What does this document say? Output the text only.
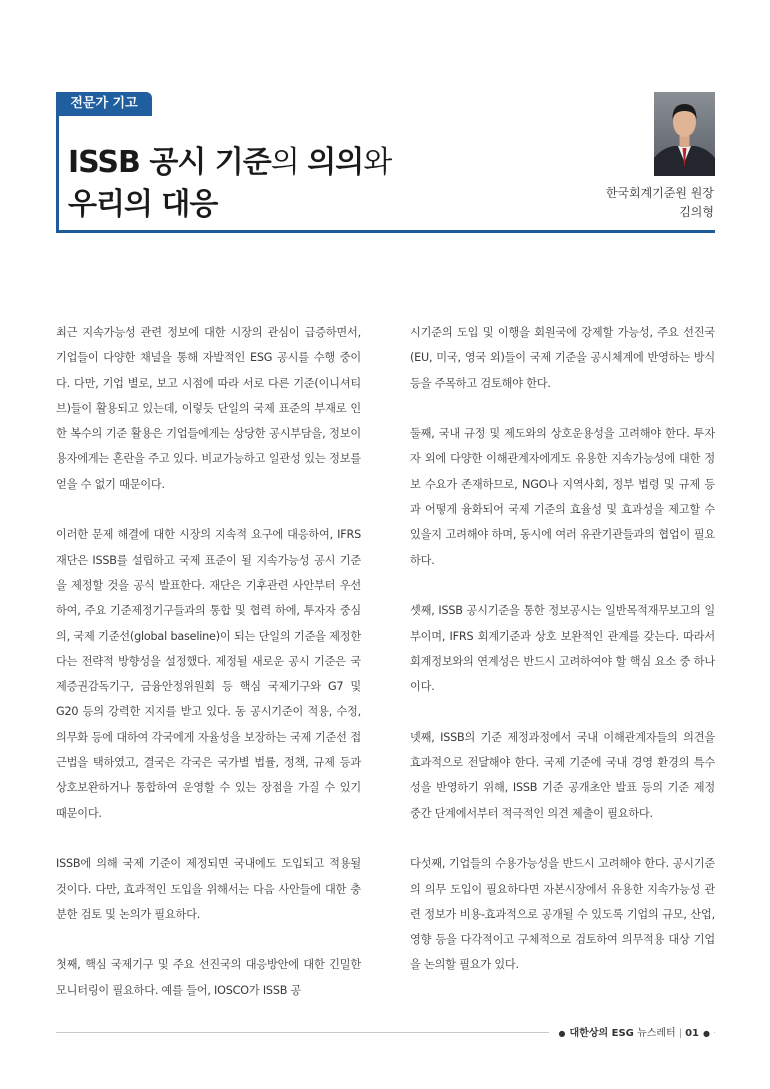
전문가 기고
ISSB 공시 기준의 의의와
우리의 대응	한국회계기준원 원장
김의형

최근 지속가능성 관련 정보에 대한 시장의 관심이 급증하면서, 기업들이 다양한 채널을 통해 자발적인 ESG 공시를 수행 중이다. 다만, 기업 별로, 보고 시점에 따라 서로 다른 기준(이니셔티브)들이 활용되고 있는데, 이렇듯 단일의 국제 표준의 부재로 인한 복수의 기준 활용은 기업들에게는 상당한 공시부담을, 정보이용자에게는 혼란을 주고 있다. 비교가능하고 일관성 있는 정보를 얻을 수 없기 때문이다.

이러한 문제 해결에 대한 시장의 지속적 요구에 대응하여, IFRS재단은 ISSB를 설립하고 국제 표준이 될 지속가능성 공시 기준을 제정할 것을 공식 발표한다. 재단은 기후관련 사안부터 우선하여, 주요 기준제정기구들과의 통합 및 협력 하에, 투자자 중심의, 국제 기준선(global baseline)이 되는 단일의 기준을 제정한다는 전략적 방향성을 설정했다. 제정될 새로운 공시 기준은 국제증권감독기구, 금융안정위원회 등 핵심 국제기구와 G7 및 G20 등의 강력한 지지를 받고 있다. 동 공시기준이 적용, 수정, 의무화 등에 대하여 각국에게 자율성을 보장하는 국제 기준선 접근법을 택하였고, 결국은 각국은 국가별 법률, 정책, 규제 등과 상호보완하거나 통합하여 운영할 수 있는 장점을 가질 수 있기 때문이다.

ISSB에 의해 국제 기준이 제정되면 국내에도 도입되고 적용될 것이다. 다만, 효과적인 도입을 위해서는 다음 사안들에 대한 충분한 검토 및 논의가 필요하다.

첫째, 핵심 국제기구 및 주요 선진국의 대응방안에 대한 긴밀한 모니터링이 필요하다. 예를 들어, IOSCO가 ISSB 공

시기준의 도입 및 이행을 회원국에 강제할 가능성, 주요 선진국(EU, 미국, 영국 외)들이 국제 기준을 공시체계에 반영하는 방식 등을 주목하고 검토해야 한다.

둘째, 국내 규정 및 제도와의 상호운용성을 고려해야 한다. 투자자 외에 다양한 이해관계자에게도 유용한 지속가능성에 대한 정보 수요가 존재하므로, NGO나 지역사회, 정부 법령 및 규제 등과 어떻게 융화되어 국제 기준의 효율성 및 효과성을 제고할 수 있을지 고려해야 하며, 동시에 여러 유관기관들과의 협업이 필요하다.

셋째, ISSB 공시기준을 통한 정보공시는 일반목적재무보고의 일부이며, IFRS 회계기준과 상호 보완적인 관계를 갖는다. 따라서 회계정보와의 연계성은 반드시 고려하여야 할 핵심 요소 중 하나이다.

넷째, ISSB의 기준 제정과정에서 국내 이해관계자들의 의견을 효과적으로 전달해야 한다. 국제 기준에 국내 경영 환경의 특수성을 반영하기 위해, ISSB 기준 공개초안 발표 등의 기준 제정 중간 단계에서부터 적극적인 의견 제출이 필요하다.

다섯째, 기업들의 수용가능성을 반드시 고려해야 한다. 공시기준의 의무 도입이 필요하다면 자본시장에서 유용한 지속가능성 관련 정보가 비용-효과적으로 공개될 수 있도록 기업의 규모, 산업, 영향 등을 다각적이고 구체적으로 검토하여 의무적용 대상 기업을 논의할 필요가 있다.

● 대한상의 ESG 뉴스레터 | 01 ●
